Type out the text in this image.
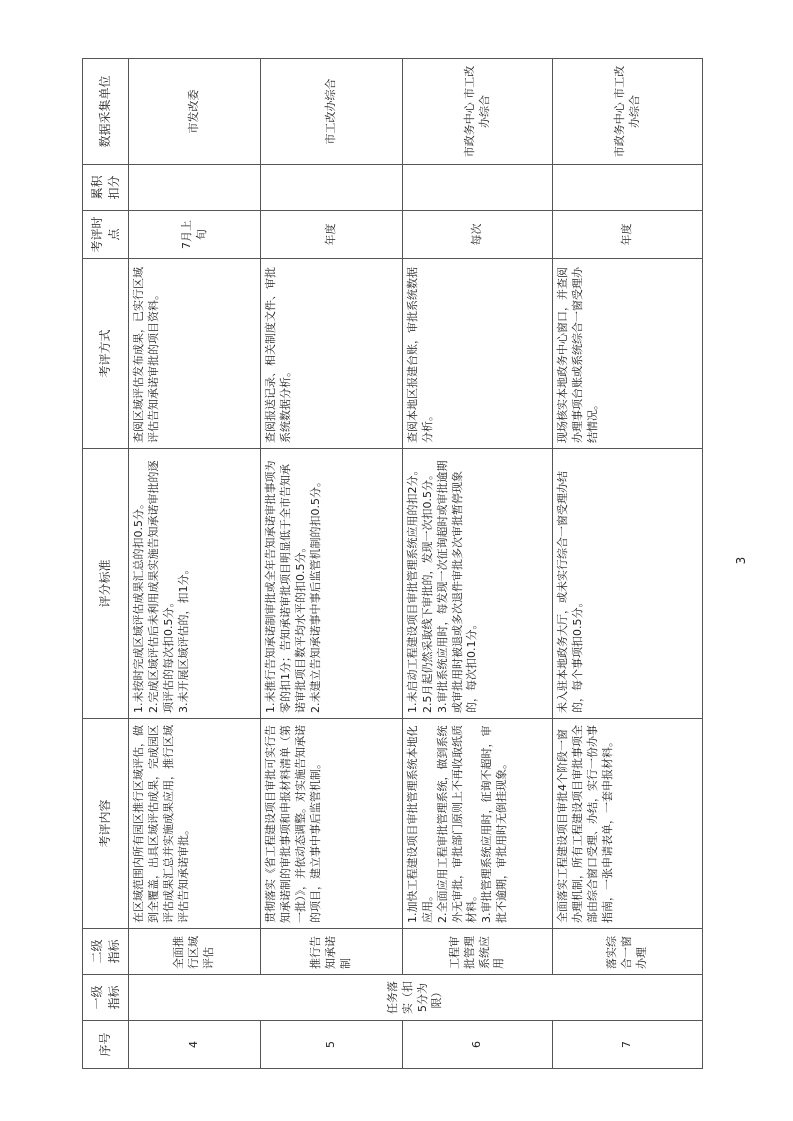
序号	一级指标	二级指标	考评内容	评分标准	考评方式	考评时点	累积扣分	数据采集单位
4	任务落实（扣5分为限）	全面推行区域评估	在区域范围内所有园区推行区域评估，做到全覆盖，出具区域评估成果，完成园区评估成果汇总并实施成果应用，推行区域评估告知承诺审批。	1.未按时完成区域评估成果汇总的扣0.5分。 2.完成区域评估后未利用成果实施告知承诺审批的逐项评估的每次扣0.5分。 3.未开展区域评估的，扣1分。	查阅区域评估发布成果，已实行区域评估告知承诺审批的项目资料。	7月上旬		市发改委
5		推行告知承诺制	贯彻落实《省工程建设项目审批可实行告知承诺制的审批事项和申报材料清单（第一批）》，并依动态调整。对实施告知承诺的项目，建立事中事后监管机制。	1.未推行告知承诺制审批或全年告知承诺审批事项为零的扣1分；告知承诺审批项目明显低于全市告知承诺审批项目数平均水平的扣0.5分。 2.未建立告知承诺事中事后监管机制的扣0.5分。	查阅报送记录、相关制度文件、审批系统数据分析。	年度		市工改办综合
6		工程审批管理系统应用	1.加快工程建设项目审批管理系统本地化应用。 2.全面应用工程审批管理系统，做到系统外无审批，审批部门原则上不再收取纸质材料。 3.审批管理系统应用时，征询不超时，审批不逾期，审批用时无倒挂现象。	1.未启动工程建设项目审批管理系统应用的扣2分。 2.5月起仍然采取线下审批的，发现一次扣0.5分。 3.审批系统应用时，每发现一次征询超时或审批逾期或审批用时被退或多次退件审批多次审批暂停现象的，每次扣0.1分。	查阅本地区报建台账，审批系统数据分析。	每次		市政务中心 市工改办综合
7		落实综合一窗办理	全面落实工程建设项目审批4个阶段一窗办理机制，所有工程建设项目审批事项全部由综合窗口受理、办结，实行一份办事指南，一张申请表单，一套申报材料。	未入驻本地政务大厅，或未实行综合一窗受理办结的，每个事项扣0.5分。	现场核实本地政务中心窗口，并查阅办理事项台账或系统综合一窗受理办结情况。	年度		市政务中心 市工改办综合
3
